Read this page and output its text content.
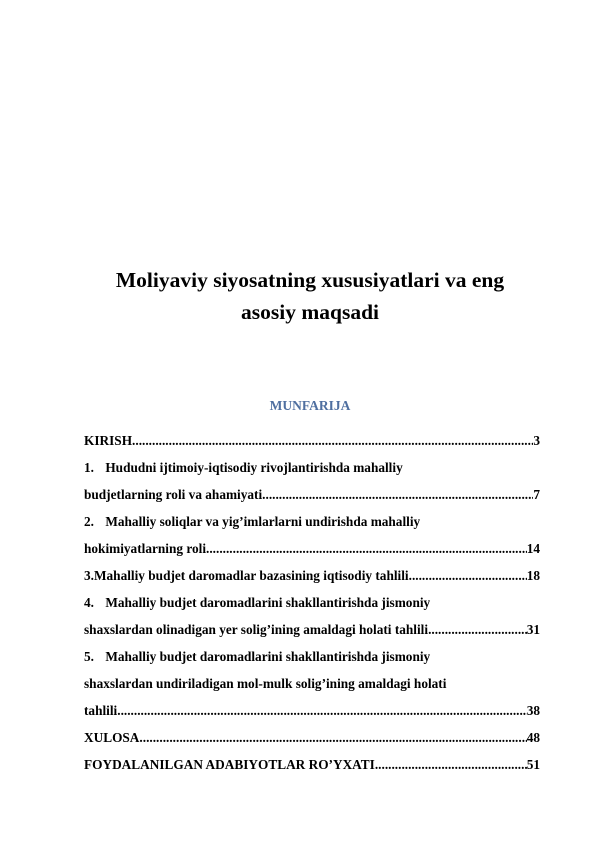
Moliyaviy siyosatning xususiyatlari va eng
asosiy maqsadi
MUNFARIJA
KIRISH .....	3
1. Hududni ijtimoiy-iqtisodiy rivojlantirishda mahalliy
budjetlarning roli va ahamiyati .....	7
2. Mahalliy soliqlar va yig’imlarlarni undirishda mahalliy
hokimiyatlarning roli .....	14
3. Mahalliy budjet daromadlar bazasining iqtisodiy tahlili .....	18
4. Mahalliy budjet daromadlarini shakllantirishda jismoniy
shaxslardan olinadigan yer solig’ining amaldagi holati tahlili .....	31
5. Mahalliy budjet daromadlarini shakllantirishda jismoniy
shaxslardan undiriladigan mol-mulk solig’ining amaldagi holati
tahlili .....	38
XULOSA .....	48
FOYDALANILGAN ADABIYOTLAR RO’YXATI .....	51
